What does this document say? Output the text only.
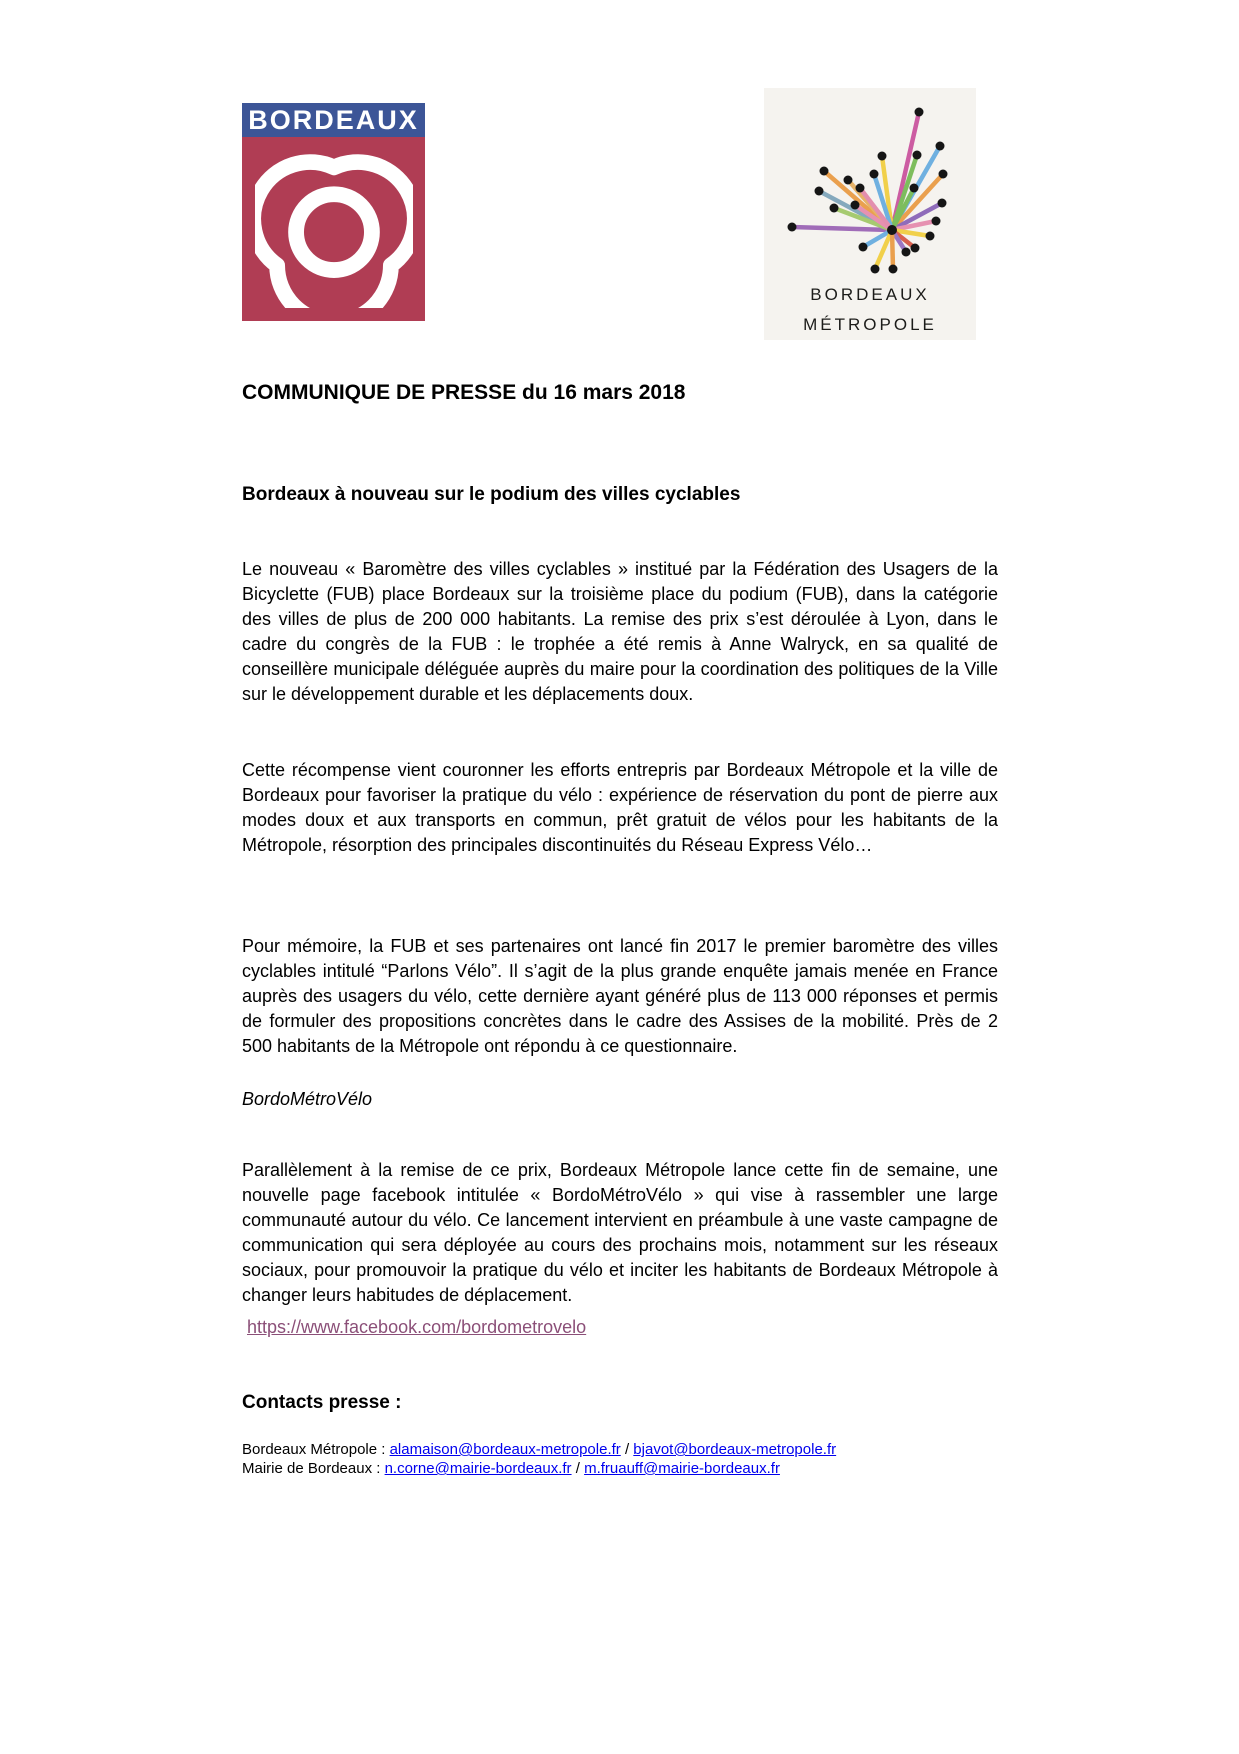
BORDEAUX
BORDEAUX
MÉTROPOLE
COMMUNIQUE DE PRESSE du 16 mars 2018
Bordeaux à nouveau sur le podium des villes cyclables

Le nouveau « Baromètre des villes cyclables » institué par la Fédération des Usagers de la Bicyclette (FUB) place Bordeaux sur la troisième place du podium (FUB), dans la catégorie des villes de plus de 200 000 habitants. La remise des prix s’est déroulée à Lyon, dans le cadre du congrès de la FUB : le trophée a été remis à Anne Walryck, en sa qualité de conseillère municipale déléguée auprès du maire pour la coordination des politiques de la Ville sur le développement durable et les déplacements doux.

Cette récompense vient couronner les efforts entrepris par Bordeaux Métropole et la ville de Bordeaux pour favoriser la pratique du vélo : expérience de réservation du pont de pierre aux modes doux et aux transports en commun, prêt gratuit de vélos pour les habitants de la Métropole, résorption des principales discontinuités du Réseau Express Vélo…

Pour mémoire, la FUB et ses partenaires ont lancé fin 2017 le premier baromètre des villes cyclables intitulé “Parlons Vélo”. Il s’agit de la plus grande enquête jamais menée en France auprès des usagers du vélo, cette dernière ayant généré plus de 113 000 réponses et permis de formuler des propositions concrètes dans le cadre des Assises de la mobilité. Près de 2 500 habitants de la Métropole ont répondu à ce questionnaire.

BordoMétroVélo

Parallèlement à la remise de ce prix, Bordeaux Métropole lance cette fin de semaine, une nouvelle page facebook intitulée « BordoMétroVélo » qui vise à rassembler une large communauté autour du vélo. Ce lancement intervient en préambule à une vaste campagne de communication qui sera déployée au cours des prochains mois, notamment sur les réseaux sociaux, pour promouvoir la pratique du vélo et inciter les habitants de Bordeaux Métropole à changer leurs habitudes de déplacement.

https://www.facebook.com/bordometrovelo
Contacts presse :
Bordeaux Métropole : alamaison@bordeaux-metropole.fr / bjavot@bordeaux-metropole.fr
Mairie de Bordeaux : n.corne@mairie-bordeaux.fr / m.fruauff@mairie-bordeaux.fr
